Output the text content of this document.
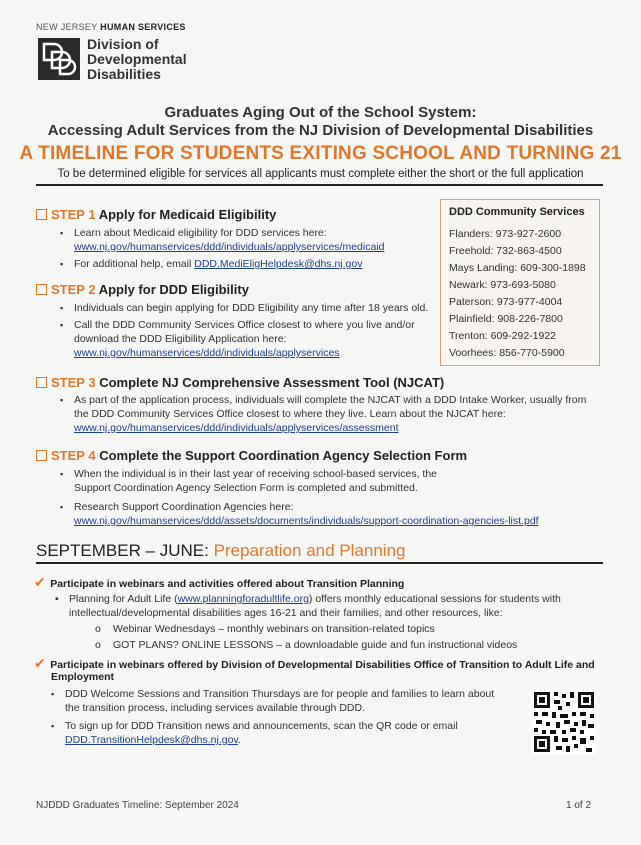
NEW JERSEY HUMAN SERVICES
Division of
Developmental
Disabilities
Graduates Aging Out of the School System:
Accessing Adult Services from the NJ Division of Developmental Disabilities
A TIMELINE FOR STUDENTS EXITING SCHOOL AND TURNING 21
To be determined eligible for services all applicants must complete either the short or the full application
STEP 1 Apply for Medicaid Eligibility
▪ Learn about Medicaid eligibility for DDD services here:
www.nj.gov/humanservices/ddd/individuals/applyservices/medicaid
▪ For additional help, email DDD.MediEligHelpdesk@dhs.nj.gov
STEP 2 Apply for DDD Eligibility
▪ Individuals can begin applying for DDD Eligibility any time after 18 years old.
▪ Call the DDD Community Services Office closest to where you live and/or
download the DDD Eligibility Application here:
www.nj.gov/humanservices/ddd/individuals/applyservices
DDD Community Services
Flanders: 973-927-2600
Freehold: 732-863-4500
Mays Landing: 609-300-1898
Newark: 973-693-5080
Paterson: 973-977-4004
Plainfield: 908-226-7800
Trenton: 609-292-1922
Voorhees: 856-770-5900
STEP 3 Complete NJ Comprehensive Assessment Tool (NJCAT)
▪ As part of the application process, individuals will complete the NJCAT with a DDD Intake Worker, usually from
the DDD Community Services Office closest to where they live. Learn about the NJCAT here:
www.nj.gov/humanservices/ddd/individuals/applyservices/assessment
STEP 4 Complete the Support Coordination Agency Selection Form
▪ When the individual is in their last year of receiving school-based services, the
Support Coordination Agency Selection Form is completed and submitted.
▪ Research Support Coordination Agencies here:
www.nj.gov/humanservices/ddd/assets/documents/individuals/support-coordination-agencies-list.pdf
SEPTEMBER – JUNE: Preparation and Planning
✔ Participate in webinars and activities offered about Transition Planning
▪ Planning for Adult Life (www.planningforadultlife.org) offers monthly educational sessions for students with
intellectual/developmental disabilities ages 16-21 and their families, and other resources, like:
o Webinar Wednesdays – monthly webinars on transition-related topics
o GOT PLANS? ONLINE LESSONS – a downloadable guide and fun instructional videos
✔ Participate in webinars offered by Division of Developmental Disabilities Office of Transition to Adult Life and
Employment
▪ DDD Welcome Sessions and Transition Thursdays are for people and families to learn about
the transition process, including services available through DDD.
▪ To sign up for DDD Transition news and announcements, scan the QR code or email
DDD.TransitionHelpdesk@dhs.nj.gov.
NJDDD Graduates Timeline: September 2024	1 of 2
